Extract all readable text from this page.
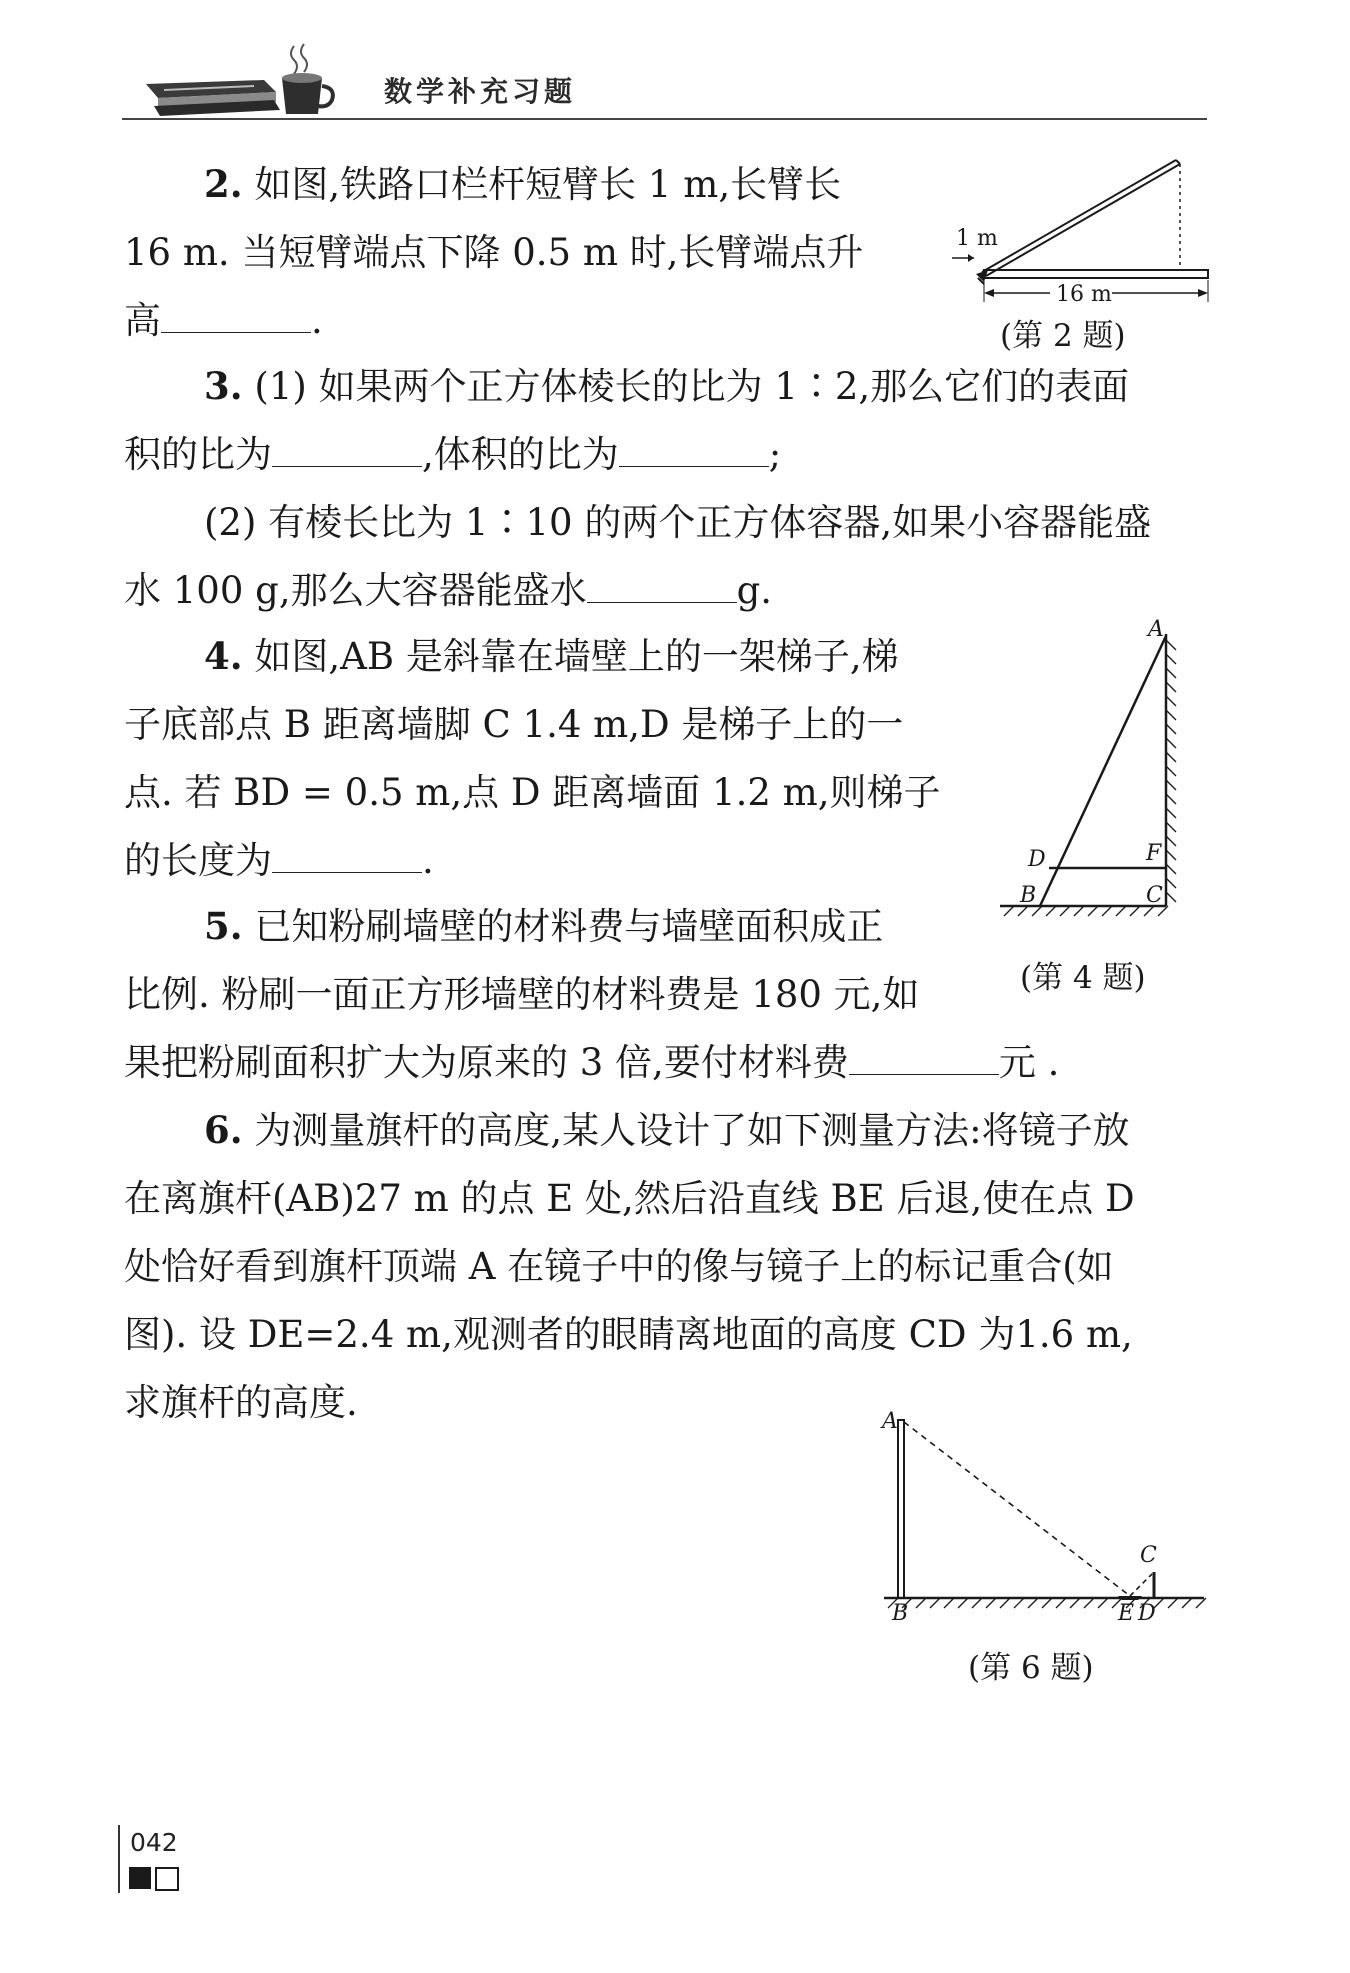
数学补充习题

2. 如图,铁路口栏杆短臂长 1 m,长臂长
16 m. 当短臂端点下降 0.5 m 时,长臂端点升
高	.

1 m
16 m
(第 2 题)

3. (1) 如果两个正方体棱长的比为 1∶2,那么它们的表面
积的比为	,体积的比为	;
(2) 有棱长比为 1∶10 的两个正方体容器,如果小容器能盛
水 100 g,那么大容器能盛水	g.

4. 如图,AB 是斜靠在墙壁上的一架梯子,梯
子底部点 B 距离墙脚 C 1.4 m,D 是梯子上的一
点. 若 BD = 0.5 m,点 D 距离墙面 1.2 m,则梯子
的长度为	.

A
D	F
B	C
(第 4 题)

5. 已知粉刷墙壁的材料费与墙壁面积成正
比例. 粉刷一面正方形墙壁的材料费是 180 元,如
果把粉刷面积扩大为原来的 3 倍,要付材料费	元 .

6. 为测量旗杆的高度,某人设计了如下测量方法:将镜子放
在离旗杆(AB)27 m 的点 E 处,然后沿直线 BE 后退,使在点 D
处恰好看到旗杆顶端 A 在镜子中的像与镜子上的标记重合(如
图). 设 DE=2.4 m,观测者的眼睛离地面的高度 CD 为1.6 m,
求旗杆的高度.	A
B
C
E D
(第 6 题)
042
